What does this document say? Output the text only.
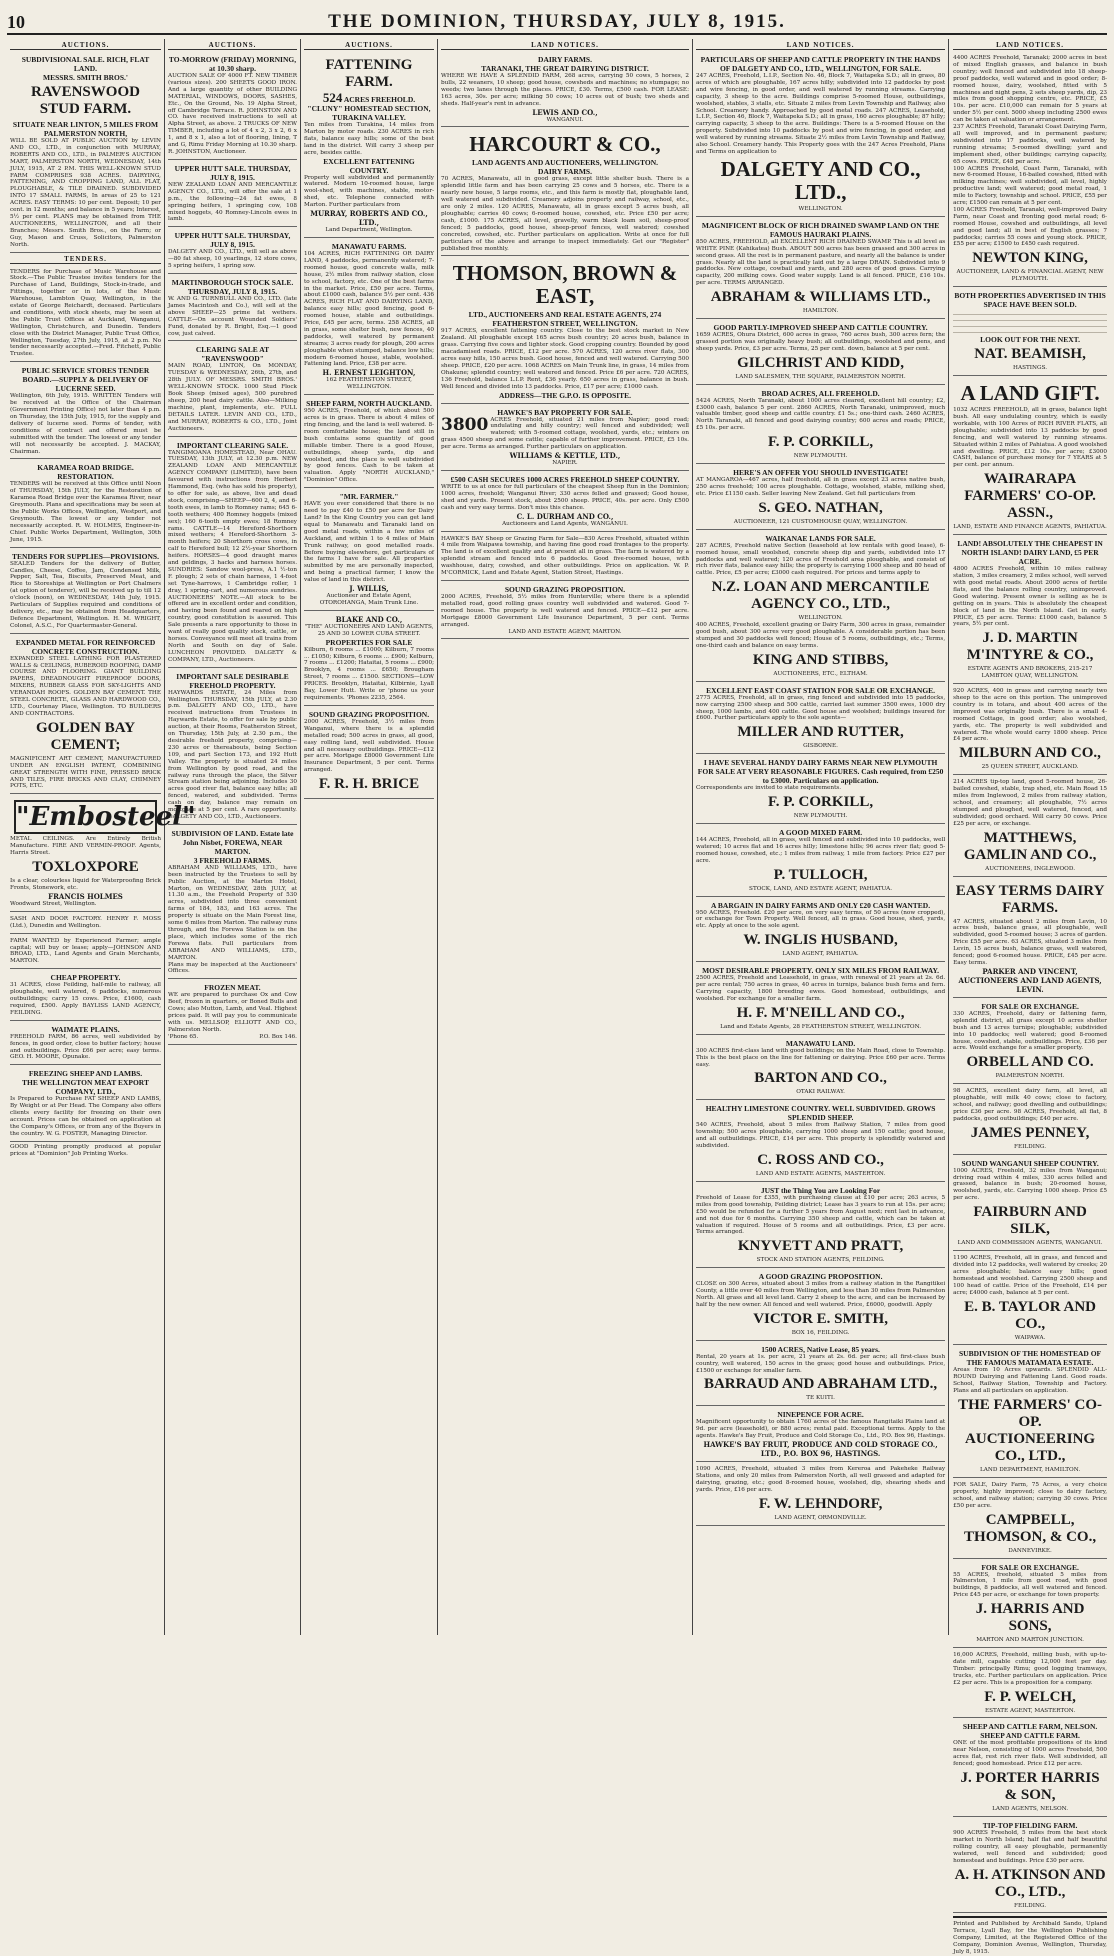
10	THE DOMINION, THURSDAY, JULY 8, 1915.
AUCTIONS.
SUBDIVISIONAL SALE. RICH, FLAT LAND.
MESSRS. SMITH BROS.'
RAVENSWOOD STUD FARM.
SITUATE NEAR LINTON, 5 MILES FROM PALMERSTON NORTH,
WILL BE SOLD AT PUBLIC AUCTION by LEVIN AND CO., LTD., in conjunction with MURRAY, ROBERTS AND CO., LTD., in PALMER'S AUCTION MART, PALMERSTON NORTH, WEDNESDAY, 14th JULY, 1915, AT 2 P.M. THIS WELL-KNOWN STUD FARM COMPRISES 938 ACRES. DAIRYING, FATTENING, AND CROPPING LAND, ALL FLAT, PLOUGHABLE, & TILE DRAINED. SUBDIVIDED INTO 17 SMALL FARMS, In areas of 25 to 121 ACRES. EASY TERMS: 10 per cent. Deposit; 10 per cent. in 12 months; and balance in 5 years; Interest, 5½ per cent. PLANS may be obtained from THE AUCTIONEERS, WELLINGTON, and all their Branches; Messrs. Smith Bros., on the Farm; or Guy, Mason and Cruss, Solicitors, Palmerston North.
TENDERS.
TENDERS for Purchase of Music Warehouse and Stock.—The Public Trustee invites tenders for the Purchase of Land, Buildings, Stock-in-trade, and Fittings, together or in lots, of the Music Warehouse, Lambton Quay, Wellington, in the estate of George Reichardt, deceased. Particulars and conditions, with stock sheets, may be seen at the Public Trust Offices at Auckland, Wanganui, Wellington, Christchurch, and Dunedin. Tenders close with the District Manager, Public Trust Office, Wellington, Tuesday, 27th July, 1915, at 2 p.m. No tender necessarily accepted.—Fred. Fitchett, Public Trustee.
PUBLIC SERVICE STORES TENDER BOARD.—SUPPLY & DELIVERY OF LUCERNE SEED.
Wellington, 6th July, 1915. WRITTEN Tenders will be received at the Office of the Chairman (Government Printing Office) not later than 4 p.m. on Thursday, the 15th July, 1915, for the supply and delivery of lucerne seed. Forms of tender, with conditions of contract and offered must be submitted with the tender. The lowest or any tender will not necessarily be accepted. J. MACKAY, Chairman.
KARAMEA ROAD BRIDGE. RESTORATION.
TENDERS will be received at this Office until Noon of THURSDAY, 15th JULY, for the Restoration of Karamea Road Bridge over the Karamea River, near Greymouth. Plans and specifications may be seen at the Public Works Offices, Wellington, Westport, and Greymouth. The lowest or any tender not necessarily accepted. R. W. HOLMES, Engineer-in-Chief. Public Works Department, Wellington, 30th June, 1915.
TENDERS FOR SUPPLIES—PROVISIONS.
SEALED Tenders for the delivery of Butter, Candles, Cheese, Coffee, Jam, Condensed Milk, Pepper, Salt, Tea, Biscuits, Preserved Meat, and Rice to Storeships at Wellington or Port Chalmers (at option of tenderer), will be received up to till 12 o'clock (noon), on WEDNESDAY, 14th July, 1915. Particulars of Supplies required and conditions of delivery, etc., may be obtained from Headquarters, Defence Department, Wellington. H. M. WRIGHT, Colonel, A.S.C., For Quartermaster-General.
EXPANDED METAL FOR REINFORCED CONCRETE CONSTRUCTION.
EXPANDED STEEL LATHING FOR PLASTERED WALLS & CEILINGS, RUBEROID ROOFING, DAMP COURSE AND FLOORING. GIANT BUILDING PAPERS, DREADNOUGHT FIREPROOF DOORS, MIXERS, RUBBER GLASS FOR SKY-LIGHTS AND VERANDAH ROOFS. GOLDEN BAY CEMENT. THE STEEL CONCRETE, GLASS AND HARDWOOD CO., LTD., Courtenay Place, Wellington. TO BUILDERS AND CONTRACTORS.
GOLDEN BAY CEMENT;
MAGNIFICENT ART CEMENT, MANUFACTURED UNDER AN ENGLISH PATENT, COMBINING GREAT STRENGTH WITH FINE, PRESSED BRICK AND TILES, FIRE BRICKS AND CLAY, CHIMNEY POTS, ETC.
"Embosteel"
METAL CEILINGS. Are Entirely British Manufacture. FIRE AND VERMIN-PROOF. Agents, Harris Street.
TOXLOXPORE
Is a clear, colourless liquid for Waterproofing Brick Fronts, Stonework, etc.
FRANCIS HOLMES
Woodward Street, Wellington.
SASH AND DOOR FACTORY. HENRY F. MOSS (Ltd.), Dunedin and Wellington.
FARM WANTED by Experienced Farmer; ample capital; will buy or lease; apply—JOHNSON AND BROAD, LTD., Land Agents and Grain Merchants, MARTON.
CHEAP PROPERTY.
31 ACRES, close Feilding, half-mile to railway, all ploughable, well watered, 6 paddocks, numerous outbuildings; carry 15 cows. Price, £1600, cash required, £500. Apply BAYLISS LAND AGENCY, FEILDING.
WAIMATE PLAINS.
FREEHOLD FARM, 86 acres, well subdivided by fences, in good order, close to butter factory; house and outbuildings. Price £66 per acre; easy terms. GEO. H. MOORE, Opunake.
FREEZING SHEEP AND LAMBS.
THE WELLINGTON MEAT EXPORT COMPANY, LTD.,
Is Prepared to Purchase FAT SHEEP AND LAMBS, By Weight or at Per Head. The Company also offers clients every facility for freezing on their own account. Prices can be obtained on application at the Company's Offices, or from any of the Buyers in the country. W. G. FOSTER, Managing Director.
GOOD Printing promptly produced at popular prices at "Dominion" Job Printing Works.
AUCTIONS.
TO-MORROW (FRIDAY) MORNING, at 10.30 sharp.
AUCTION SALE OF 4000 FT. NEW TIMBER (various sizes). 200 SHEETS GOOD IRON. And a large quantity of other BUILDING MATERIAL, WINDOWS, DOORS, SASHES, Etc., On the Ground, No. 19 Alpha Street, off Cambridge Terrace. R. JOHNSTON AND CO. have received instructions to sell at Alpha Street, as above. 2 TRUCKS OF NEW TIMBER, including a lot of 4 x 2, 3 x 2, 6 x 1, and 8 x 1, also a lot of flooring, lining, T and G, Rimu Friday Morning at 10.30 sharp. R. JOHNSTON, Auctioneer.
UPPER HUTT SALE. THURSDAY, JULY 8, 1915.
NEW ZEALAND LOAN AND MERCANTILE AGENCY CO., LTD., will offer the sale at 1 p.m., the following—24 fat ewes, 8 springing heifers, 1 springing cow, 108 mixed hoggets, 40 Romney-Lincoln ewes in lamb.
UPPER HUTT SALE. THURSDAY, JULY 8, 1915.
DALGETY AND CO., LTD., will sell as above—80 fat sheep, 10 yearlings, 12 store cows, 5 spring heifers, 1 spring sow.
MARTINBOROUGH STOCK SALE. THURSDAY, JULY 8, 1915.
W. AND G. TURNBULL AND CO., LTD. (late James Macintosh and Co.), will sell at the above SHEEP—25 prime fat wethers. CATTLE—On account Wounded Soldiers' Fund, donated by R. Bright, Esq.—1 good cow, just calved.
CLEARING SALE AT "RAVENSWOOD"
MAIN ROAD, LINTON, On MONDAY, TUESDAY & WEDNESDAY, 26th, 27th, and 28th JULY. OF MESSRS. SMITH BROS.' WELL-KNOWN STOCK. 1000 Stud Flock Book Sheep (mixed ages), 500 purebred sheep, 200 head dairy cattle. Also—Milking machine, plant, implements, etc. FULL DETAILS LATER. LEVIN AND CO., LTD., and MURRAY, ROBERTS & CO., LTD., Joint Auctioneers.
IMPORTANT CLEARING SALE.
TANGIMOANA HOMESTEAD, Near OHAU. TUESDAY, 13th JULY, at 12.30 p.m. NEW ZEALAND LOAN AND MERCANTILE AGENCY COMPANY (LIMITED), have been favoured with instructions from Herbert Hammond, Esq. (who has sold his property), to offer for sale, as above, live and dead stock, comprising—SHEEP—600 2, 4, and 6-tooth ewes, in lamb to Romney rams; 645 6-tooth wethers; 400 Romney hoggets (mixed sex); 160 6-tooth empty ewes; 18 Romney rams. CATTLE—14 Hereford-Shorthorn mixed wethers; 4 Hereford-Shorthorn 3-month heifers; 20 Shorthorn cross cows, in calf to Hereford bull; 12 2½-year Shorthorn heifers. HORSES—4 good draught mares and geldings, 3 hacks and harness horses. SUNDRIES: Sandow wool-press, A.1 ½-ton F. plough; 2 sets of chain harness, 1 4-foot set Tyne-harrows, 1 Cambridge roller, 1 dray, 1 spring-cart, and numerous sundries. AUCTIONEERS' NOTE.—All stock to be offered are in excellent order and condition, and having been found and reared on high country, good constitution is assured. This Sale presents a rare opportunity to those in want of really good quality stock, cattle, or horses. Conveyance will meet all trains from North and South on day of Sale. LUNCHEON PROVIDED. DALGETY & COMPANY, LTD., Auctioneers.
IMPORTANT SALE DESIRABLE FREEHOLD PROPERTY.
HAYWARDS ESTATE, 24 Miles from Wellington. THURSDAY, 15th JULY, at 2.30 p.m. DALGETY AND CO., LTD., have received instructions from Trustees in Haywards Estate, to offer for sale by public auction, at their Rooms, Featherston Street, on Thursday, 15th July, at 2.30 p.m., the desirable freehold property, comprising—230 acres or thereabouts, being Section 109, and part Section 173, and 192 Hutt Valley. The property is situated 24 miles from Wellington by good road, and the railway runs through the place, the Silver Stream station being adjoining. Includes 30 acres good river flat, balance easy hills; all fenced, watered, and subdivided. Terms cash on day, balance may remain on mortgage at 5 per cent. A rare opportunity. DALGETY AND CO., LTD., Auctioneers.
SUBDIVISION OF LAND. Estate late John Nisbet, FOREWA, NEAR MARTON.
3 FREEHOLD FARMS.
ABRAHAM AND WILLIAMS, LTD., have been instructed by the Trustees to sell by Public Auction, at the Marton Hotel, Marton, on WEDNESDAY, 28th JULY, at 11.30 a.m., the Freehold Property of 530 acres, subdivided into three convenient farms of 184, 183, and 163 acres. The property is situate on the Main Forest line, some 6 miles from Marton. The railway runs through, and the Forewa Station is on the place, which includes some of the rich Forewa flats. Full particulars from ABRAHAM AND WILLIAMS, LTD., MARTON.
Plans may be inspected at the Auctioneers' Offices.
FROZEN MEAT.
WE are prepared to purchase Ox and Cow Beef, frozen in quarters, or Boned Bulls and Cows; also Mutton, Lamb, and Veal. Highest prices paid. It will pay you to communicate with us. MELLSOP, ELLIOTT AND CO., Palmerston North.
'Phone 65.	P.O. Box 146.
AUCTIONS.
FATTENING FARM.
524 ACRES FREEHOLD.
"CLUNY" HOMESTEAD SECTION, TURAKINA VALLEY.
Ten miles from Turakina, 14 miles from Marton by motor roads. 230 ACRES in rich flats, balance easy hills; some of the best land in the district. Will carry 3 sheep per acre, besides cattle.
EXCELLENT FATTENING COUNTRY.
Property well subdivided and permanently watered. Modern 10-roomed house, large wool-shed, with machines, stable, motor-shed, etc. Telephone connected with Marton. Further particulars from
MURRAY, ROBERTS AND CO., LTD.,
Land Department, Wellington.
MANAWATU FARMS.
104 ACRES, RICH FATTENING OR DAIRY LAND, 4 paddocks, permanently watered; 7-roomed house, good concrete walls, milk house, 2½ miles from railway station, close to school, factory, etc. One of the best farms in the market. Price, £50 per acre. Terms, about £1000 cash, balance 5½ per cent. 436 ACRES, RICH FLAT AND DAIRYING LAND, balance easy hills; good fencing, good 6-roomed house, stable and outbuildings. Price, £45 per acre, terms. 258 ACRES, all in grass, some shelter bush, new fences, 40 paddocks, well watered by permanent streams; 3 acres ready for plough, 200 acres ploughable when stumped, balance low hills; modern 6-roomed house, stable, woolshed. Fattening land. Price, £38 per acre.
H. ERNEST LEIGHTON,
162 FEATHERSTON STREET, WELLINGTON.
SHEEP FARM, NORTH AUCKLAND.
950 ACRES, Freehold, of which about 500 acres is in grass. There is about 4 miles of ring fencing, and the land is well watered. 8-room comfortable house; the land still in bush contains some quantity of good millable timber. There is a good House, outbuildings, sheep yards, dip and woolshed, and the place is well subdivided by good fences. Cash to be taken at valuation. Apply "NORTH AUCKLAND," "Dominion" Office.
"MR. FARMER."
HAVE you ever considered that there is no need to pay £40 to £50 per acre for Dairy Land? In the King Country you can get land equal to Manawatu and Taranaki land on good metal roads, within a few miles of Auckland, and within 1 to 4 miles of Main Trunk railway, on good metalled roads. Before buying elsewhere, get particulars of the farms I have for sale. All properties submitted by me are personally inspected, and being a practical farmer, I know the value of land in this district.
J. WILLIS,
Auctioneer and Estate Agent, OTOROHANGA, Main Trunk Line.
BLAKE AND CO.,
"THE" AUCTIONEERS AND LAND AGENTS, 25 AND 30 LOWER CUBA STREET.
PROPERTIES FOR SALE
Kilburn, 6 rooms ... £1000; Kilburn, 7 rooms ... £1050; Kilburn, 6 rooms ... £900; Kelburn, 7 rooms ... £1200; Hataitai, 5 rooms ... £900; Brooklyn, 4 rooms ... £650; Brougham Street, 7 rooms ... £1500. SECTIONS—LOW PRICES. Brooklyn, Hataitai, Kilbirnie, Lyall Bay, Lower Hutt. Write or 'phone us your requirements. 'Phones 2235, 2564.
SOUND GRAZING PROPOSITION.
2000 ACRES, Freehold, 3½ miles from Wanganui, where there is a splendid metalled road; 500 acres in grass, all good, easy rolling land, well subdivided. House and all necessary outbuildings. PRICE—£12 per acre. Mortgage £8000 Government Life Insurance Department, 5 per cent. Terms arranged.
F. R. H. BRICE
LAND NOTICES.
DAIRY FARMS.
TARANAKI, THE GREAT DAIRYING DISTRICT.
WHERE WE HAVE A SPLENDID FARM, 268 acres, carrying 50 cows, 5 horses, 2 bulls, 22 weaners, 10 sheep; good house, cowsheds and machines; no stumpage; no weeds; two lanes through the places. PRICE, £30. Terms, £500 cash. FOR LEASE: 163 acres, 30s. per acre; milking 50 cows; 10 acres out of bush; two sheds and sheds. Half-year's rent in advance.
LEWIS AND CO.,
WANGANUI.
HARCOURT & CO.,
LAND AGENTS AND AUCTIONEERS, WELLINGTON.
DAIRY FARMS.
70 ACRES, Manawatu, all in good grass, except little shelter bush. There is a splendid little farm and has been carrying 25 cows and 5 horses, etc. There is a nearly new house, 5 large rooms, etc., and this farm is mostly flat, ploughable land, well watered and subdivided. Creamery adjoins property and railway, school, etc., are only 2 miles. 120 ACRES, Manawatu, all in grass except 5 acres bush, all ploughable; carries 40 cows; 6-roomed house, cowshed, etc. Price £50 per acre; cash, £1000. 175 ACRES, all level, gravelly, warm black loam soil, sheep-proof fenced; 5 paddocks, good house, sheep-proof fences, well watered; cowshed concreted, cowshed, etc. Further particulars on application. Write at once for full particulars of the above and arrange to inspect immediately. Get our "Register" published free monthly.
THOMSON, BROWN & EAST,
LTD., AUCTIONEERS AND REAL ESTATE AGENTS, 274 FEATHERSTON STREET, WELLINGTON.
917 ACRES, excellent fattening country. Close to the best stock market in New Zealand. All ploughable except 165 acres bush country; 20 acres bush, balance in grass. Carrying five cows and lighter stock. Good cropping country. Bounded by good macadamised roads. PRICE, £12 per acre. 570 ACRES, 120 acres river flats, 300 acres easy hills, 150 acres bush. Good house, fenced and well watered. Carrying 500 sheep. PRICE, £20 per acre. 1068 ACRES on Main Trunk line, in grass, 14 miles from Ohakune; splendid country; well watered and fenced. Price £6 per acre. 720 ACRES, 136 Freehold, balance L.I.P. Rent, £36 yearly. 650 acres in grass, balance in bush. Well fenced and divided into 13 paddocks. Price, £17 per acre; £1000 cash.
ADDRESS—THE G.P.O. IS OPPOSITE.
HAWKE'S BAY PROPERTY FOR SALE.
3800 ACRES Freehold, situated 21 miles from Napier; good road; undulating and hilly country; well fenced and subdivided; well watered; with 5-roomed cottage, woolshed, yards, etc.; winters on grass 4500 sheep and some cattle; capable of further improvement. PRICE, £5 10s. per acre. Terms as arranged. Further particulars on application.
WILLIAMS & KETTLE, LTD.,
NAPIER.
£500 CASH SECURES 1000 ACRES FREEHOLD SHEEP COUNTRY.
WRITE to us at once for full particulars of the cheapest Sheep Run in the Dominion; 1000 acres, freehold; Wanganui River; 330 acres felled and grassed; Good house, shed and yards. Present stock, about 2500 sheep. PRICE, 40s. per acre. Only £500 cash and very easy terms. Don't miss this chance.
C. L. DURHAM AND CO.,
Auctioneers and Land Agents, WANGANUI.
HAWKE'S BAY Sheep or Grazing Farm for Sale—830 Acres Freehold, situated within 4 mile from Waipawa township, and having fine good road frontages to the property. The land is of excellent quality and at present all in grass. The farm is watered by a splendid stream and fenced into 6 paddocks. Good five-roomed house, with washhouse, dairy, cowshed, and other outbuildings. Price on application. W. P. M'CORMICK, Land and Estate Agent, Station Street, Hastings.
SOUND GRAZING PROPOSITION.
2000 ACRES, Freehold, 5½ miles from Hunterville; where there is a splendid metalled road, good rolling grass country well subdivided and watered. Good 7-roomed house. The property is well watered and fenced. PRICE—£12 per acre. Mortgage £8000 Government Life Insurance Department, 5 per cent. Terms arranged.
LAND AND ESTATE AGENT, MARTON.
LAND NOTICES.
PARTICULARS OF SHEEP AND CATTLE PROPERTY IN THE HANDS OF DALGETY AND CO., LTD., WELLINGTON, FOR SALE.
247 ACRES, Freehold, L.I.P., Section No. 46, Block 7, Waitapeka S.D.; all in grass, 80 acres of which are ploughable, 167 acres hilly; subdivided into 12 paddocks by post and wire fencing, in good order, and well watered by running streams. Carrying capacity, 3 sheep to the acre. Buildings comprise 5-roomed House, outbuildings, woolshed, stables, 3 stalls, etc. Situate 2 miles from Levin Township and Railway, also School. Creamery handy. Approached by good metal roads. 247 ACRES, Leasehold, L.I.P., Section 46, Block 7, Waitapeka S.D.; all in grass, 160 acres ploughable; 87 hilly; carrying capacity, 3 sheep to the acre. Buildings: There is a 5-roomed House on the property. Subdivided into 10 paddocks by post and wire fencing, in good order, and well watered by running streams. Situate 2½ miles from Levin Township and Railway, also School. Creamery handy. This Property goes with the 247 Acres Freehold, Plans and Terms on application to
DALGETY AND CO., LTD.,
WELLINGTON.
MAGNIFICENT BLOCK OF RICH DRAINED SWAMP LAND ON THE FAMOUS HAURAKI PLAINS.
850 ACRES, FREEHOLD, all EXCELLENT RICH DRAINED SWAMP. This is all level as WHITE PINE (Kahikatea) Bush. ABOUT 500 acres has been grassed and 300 acres in second grass. All the rest is in permanent pasture, and nearly all the balance is under grass. Nearly all the land is practically laid out by a large DRAIN. Subdivided into 9 paddocks. New cottage, cowbail and yards, and 280 acres of good grass. Carrying capacity, 200 milking cows. Good water supply. Land is all fenced. PRICE, £16 10s. per acre. TERMS ARRANGED.
ABRAHAM & WILLIAMS LTD.,
HAMILTON.
GOOD PARTLY-IMPROVED SHEEP AND CATTLE COUNTRY.
1659 ACRES, Ohura District, 600 acres in grass, 760 acres bush, 300 acres fern; the grassed portion was originally heavy bush; all outbuildings, woolshed and pens, and sheep yards. Price, £3 per acre. Terms, 25 per cent. down, balance at 5 per cent.
GILCHRIST AND KIDD,
LAND SALESMEN, THE SQUARE, PALMERSTON NORTH.
BROAD ACRES, ALL FREEHOLD.
5424 ACRES, North Taranaki, about 1000 acres cleared, excellent hill country; £2, £3000 cash, balance 5 per cent. 2860 ACRES, North Taranaki, unimproved, much valuable timber, good sheep and cattle country. £1 5s.; one-third cash. 2460 ACRES, North Taranaki, all fenced and good dairying country; 600 acres and roads; PRICE, £5 10s. per acre.
F. P. CORKILL,
NEW PLYMOUTH.
HERE'S AN OFFER YOU SHOULD INVESTIGATE!
AT MANGAROA—467 acres, half freehold, all in grass except 23 acres native bush, 250 acres freehold; 100 acres ploughable. Cottage, woolshed, stable, milking shed, etc. Price £1150 cash. Seller leaving New Zealand. Get full particulars from
S. GEO. NATHAN,
AUCTIONEER, 121 CUSTOMHOUSE QUAY, WELLINGTON.
WAIKANAE LANDS FOR SALE.
287 ACRES, Freehold native Section (leasehold at low rentals with good lease), 6-roomed house, small woolshed, concrete sheep dip and yards, subdivided into 17 paddocks and well watered; 120 acres of Freehold area ploughable, and consist of rich river flats, balance easy hills; the property is carrying 1000 sheep and 80 head of cattle. Price, £5 per acre; £3000 cash required. For prices and terms apply to
N.Z. LOAN AND MERCANTILE AGENCY CO., LTD.,
WELLINGTON.
400 ACRES, Freehold, excellent grazing or Dairy Farm, 300 acres in grass, remainder good bush, about 300 acres very good ploughable. A considerable portion has been stumped and 30 paddocks well fenced; House of 5 rooms, outbuildings, etc.; Terms, one-third cash and balance on easy terms.
KING AND STIBBS,
AUCTIONEERS, ETC., ELTHAM.
EXCELLENT EAST COAST STATION FOR SALE OR EXCHANGE.
2775 ACRES, Freehold, all in grass, ring fenced and subdivided into 15 paddocks, now carrying 2500 sheep and 500 cattle, carried last summer 3500 ewes, 1000 dry sheep, 1000 lambs, and 400 cattle. Good house and woolshed; buildings insured for £600. Further particulars apply to the sole agents—
MILLER AND RUTTER,
GISBORNE.
I HAVE SEVERAL HANDY DAIRY FARMS NEAR NEW PLYMOUTH FOR SALE AT VERY REASONABLE FIGURES. Cash required, from £250 to £3000. Particulars on application.
Correspondents are invited to state requirements.
F. P. CORKILL,
NEW PLYMOUTH.
A GOOD MIXED FARM.
144 ACRES, Freehold, all in grass, well fenced and subdivided into 10 paddocks, well watered; 10 acres flat and 16 acres hilly; limestone hills; 96 acres river flat; good 5-roomed house, cowshed, etc.; 1 miles from railway, 1 mile from factory. Price £27 per acre.
P. TULLOCH,
STOCK, LAND, AND ESTATE AGENT, PAHIATUA.
A BARGAIN IN DAIRY FARMS AND ONLY £20 CASH WANTED.
950 ACRES, Freehold. £20 per acre, on very easy terms, of 50 acres (now cropped), or exchange for Town Property. Well fenced, all in grass. Good house, shed, yards, etc. Apply at once to the sole agent.
W. INGLIS HUSBAND,
LAND AGENT, PAHIATUA.
MOST DESIRABLE PROPERTY. ONLY SIX MILES FROM RAILWAY.
2500 ACRES, Freehold and Leasehold, in grass, with renewal of 21 years at 2s. 6d. per acre rental; 750 acres in grass, 40 acres in turnips, balance bush ferns and fern. Carrying capacity, 1800 breeding ewes. Good homestead, outbuildings, and woolshed. For exchange for a smaller farm.
H. F. M'NEILL AND CO.,
Land and Estate Agents, 28 FEATHERSTON STREET, WELLINGTON.
MANAWATU LAND.
300 ACRES first-class land with good buildings; on the Main Road, close to Township. This is the best place on the line for fattening or dairying. Price £60 per acre. Terms easy.
BARTON AND CO.,
OTAKI RAILWAY.
HEALTHY LIMESTONE COUNTRY. WELL SUBDIVIDED. GROWS SPLENDID SHEEP.
540 ACRES, Freehold, about 5 miles from Railway Station, 7 miles from good township; 500 acres ploughable, carrying 1000 sheep and 150 cattle; good house, and all outbuildings. PRICE, £14 per acre. This property is splendidly watered and subdivided.
C. ROSS AND CO.,
LAND AND ESTATE AGENTS, MASTERTON.
JUST the Thing You are Looking For
Freehold of Lease for £355, with purchasing clause at £10 per acre; 263 acres, 5 miles from good township, Feilding district; Lease has 3 years to run at 15s. per acre; £50 would be refunded for a further 5 years from August next; rent last in advance, and not due for 6 months. Carrying 350 sheep and cattle, which can be taken at valuation if required. House of 5 rooms and all outbuildings. Price, £3 per acre. Terms arranged.
KNYVETT AND PRATT,
STOCK AND STATION AGENTS, FEILDING.
A GOOD GRAZING PROPOSITION.
CLOSE on 300 Acres, situated about 3 miles from a railway station in the Rangitikei County, a little over 40 miles from Wellington, and less than 30 miles from Palmerston North. All grass and all level land. Carry 2 sheep to the acre, and can be increased by half by the new owner. All fenced and well watered. Price, £6000, goodwill. Apply
VICTOR E. SMITH,
BOX 16, FEILDING.
1500 ACRES, Native Lease, 85 years.
Rental, 20 years at 1s. per acre, 21 years at 2s. 6d. per acre; all first-class bush country, well watered, 150 acres in the grass; good house and outbuildings. Price, £1500 or exchange for smaller farm.
BARRAUD AND ABRAHAM LTD.,
TE KUITI.
NINEPENCE FOR ACRE.
Magnificent opportunity to obtain 1760 acres of the famous Rangitaiki Plains land at 9d. per acre (leasehold), or 880 acres; rental paid. Exceptional terms. Apply to the agents. Hawke's Bay Fruit, Produce and Cold Storage Co., Ltd., P.O. Box 96, Hastings.
HAWKE'S BAY FRUIT, PRODUCE AND COLD STORAGE CO., LTD., P.O. BOX 96, HASTINGS.
1090 ACRES, Freehold, situated 3 miles from Kereroa and Pakeheke Railway Stations, and only 20 miles from Palmerston North, all well grassed and adapted for dairying, grazing, etc.; good 8-roomed house, woolshed, dip, shearing sheds and yards. Price, £16 per acre.
F. W. LEHNDORF,
LAND AGENT, ORMONDVILLE.
LAND NOTICES.
4400 ACRES Freehold, Taranaki; 2000 acres in best of mixed English grasses, and balance in bush country; well fenced and subdivided into 18 sheep-proof paddocks, well watered and in good order; 8-roomed house, dairy, woolshed, fitted with 5 machines and night pens, 2 sets sheep yards, dip, 23 miles from good shopping centre, etc. PRICE, £5 10s. per acre. £10,000 can remain for 5 years at under 5½ per cent. 5000 sheep including 2500 ewes can be taken at valuation or arrangement.
237 ACRES Freehold, Taranaki Coast Dairying Farm, all well improved, and in permanent pasture; subdivided into 17 paddocks, well watered by running streams; 5-roomed dwelling; yard and implement shed, other buildings; carrying capacity, 65 cows. PRICE, £48 per acre.
100 ACRES Freehold, Coast Farm, Taranaki, with new 6-roomed House, 16-bailed cowshed, fitted with milking machines; well subdivided, all level, highly productive land; well watered; good metal road, 1 mile to Factory, township and school. PRICE, £55 per acre; £1500 can remain at 5 per cent.
100 ACRES Freehold, Taranaki, well-improved Dairy Farm, near Coast and fronting good metal road; 6-roomed House, cowshed and outbuildings, all level and good land; all in best of English grasses; 7 paddocks; carries 55 cows and young stock. PRICE, £55 per acre; £1500 to £450 cash required.
NEWTON KING,
AUCTIONEER, LAND & FINANCIAL AGENT, NEW PLYMOUTH.
BOTH PROPERTIES ADVERTISED IN THIS SPACE HAVE BEEN SOLD.
LOOK OUT FOR THE NEXT.
NAT. BEAMISH,
HASTINGS.
A LAND GIFT.
1032 ACRES FREEHOLD, all in grass, balance light bush. All easy undulating country, which is easily workable, with 100 Acres of RICH RIVER FLATS, all ploughable; subdivided into 13 paddocks by good fencing, and well watered by running streams. Situated within 2 miles of Pahiatua. A good woolshed and dwelling. PRICE, £12 10s. per acre; £3000 CASH, balance of purchase money for 7 YEARS at 5 per cent. per annum.
WAIRARAPA FARMERS' CO-OP. ASSN.,
LAND, ESTATE AND FINANCE AGENTS, PAHIATUA.
LAND! ABSOLUTELY THE CHEAPEST IN NORTH ISLAND! DAIRY LAND, £5 PER ACRE.
4800 ACRES Freehold, within 10 miles railway station, 3 miles creamery, 2 miles school, well served with good metal roads. About 2000 acres of fertile flats, and the balance rolling country, unimproved. Good watering. Present owner is selling as he is getting on in years. This is absolutely the cheapest block of land in the North Island. Get in early. PRICE, £5 per acre. Terms: £1000 cash, balance 5 years, 5½ per cent.
J. D. MARTIN M'INTYRE & CO.,
ESTATE AGENTS AND BROKERS, 215-217 LAMBTON QUAY, WELLINGTON.
920 ACRES, 400 in grass and carrying nearly two sheep to the acre on this portion. The unimproved country is in totara, and about 400 acres of the improved was originally bush. There is a small 4-roomed Cottage, in good order; also woolshed, yards, etc. The property is well subdivided and watered. The whole would carry 1800 sheep. Price £4 per acre.
MILBURN AND CO.,
25 QUEEN STREET, AUCKLAND.
214 ACRES tip-top land, good 5-roomed house, 26-bailed cowshed, stable, trap shed, etc. Main Road 15 miles from Inglewood, 2 miles from railway station, school, and creamery; all ploughable, 7½ acres stumped and ploughed, well watered, fenced, and subdivided; good orchard. Will carry 50 cows. Price £25 per acre, or exchange.
MATTHEWS, GAMLIN AND CO.,
AUCTIONEERS, INGLEWOOD.
EASY TERMS DAIRY FARMS.
47 ACRES, situated about 2 miles from Levin, 10 acres bush, balance grass, all ploughable, well subdivided, good 5-roomed house; 3 acres of garden. Price £55 per acre. 63 ACRES, situated 3 miles from Levin, 15 acres bush, balance grass, well watered, fenced; good 6-roomed house. PRICE, £45 per acre. Easy terms.
PARKER AND VINCENT, AUCTIONEERS AND LAND AGENTS, LEVIN.
FOR SALE OR EXCHANGE.
330 ACRES, Freehold, dairy or fattening farm, splendid district, all grass except 10 acres shelter bush and 13 acres turnips; ploughable; subdivided into 10 paddocks; well watered; good 8-roomed house, cowshed, stable, outbuildings. Price, £36 per acre. Would exchange for a smaller property.
ORBELL AND CO.
PALMERSTON NORTH.
98 ACRES, excellent dairy farm, all level, all ploughable, will milk 40 cows; close to factory, school, and railway; good dwelling and outbuildings; price £36 per acre. 98 ACRES, Freehold, all flat, 8 paddocks, good outbuildings; £40 per acre.
JAMES PENNEY,
FEILDING.
SOUND WANGANUI SHEEP COUNTRY.
1000 ACRES, Freehold, 32 miles from Wanganui; driving road within 4 miles, 330 acres felled and grassed, balance in bush; 20-roomed house, woolshed, yards, etc. Carrying 1000 sheep. Price £5 per acre.
FAIRBURN AND SILK,
LAND AND COMMISSION AGENTS, WANGANUI.
1190 ACRES, Freehold, all in grass, and fenced and divided into 12 paddocks, well watered by creeks; 20 acres ploughable; balance easy hills; good homestead and woolshed. Carrying 2500 sheep and 100 head of cattle. Price of the Freehold, £14 per acre; £4000 cash, balance at 5 per cent.
E. B. TAYLOR AND CO.,
WAIPAWA.
SUBDIVISION OF THE HOMESTEAD OF THE FAMOUS MATAMATA ESTATE.
Areas from 10 Acres upwards. SPLENDID ALL-ROUND Dairying and Fattening Land. Good roads. School, Railway Station, Township and Factory. Plans and all particulars on application.
THE FARMERS' CO-OP. AUCTIONEERING CO., LTD.,
LAND DEPARTMENT, HAMILTON.
FOR SALE, Dairy Farm, 75 Acres, a very choice property, highly improved; close to dairy factory, school, and railway station; carrying 30 cows. Price £50 per acre.
CAMPBELL, THOMSON, & CO.,
DANNEVIRKE.
FOR SALE OR EXCHANGE.
55 ACRES, freehold, situated 5 miles from Palmerston, 1 mile from good road, with good buildings, 8 paddocks, all well watered and fenced. Price £45 per acre, or exchange for town property.
J. HARRIS AND SONS,
MARTON AND MARTON JUNCTION.
16,000 ACRES, Freehold, milling bush, with up-to-date mill, capable cutting 12,000 feet per day. Timber: principally Rimu; good logging tramways, trucks, etc. Further particulars on application. Price £2 per acre. This is a proposition for a company.
F. P. WELCH,
ESTATE AGENT, MASTERTON.
SHEEP AND CATTLE FARM, NELSON. SHEEP AND CATTLE FARM.
ONE of the most profitable propositions of its kind near Nelson, consisting of 1000 acres Freehold, 500 acres flat, rest rich river flats. Well subdivided, all fenced; good homestead. Price £12 per acre.
J. PORTER HARRIS & SON,
LAND AGENTS, NELSON.
TIP-TOP FIELDING FARM.
900 ACRES Freehold, 5 miles from the best stock market in North Island; half flat and half beautiful rolling country, all easy ploughable, permanently watered, well fenced and subdivided; good homestead and buildings. Price £30 per acre.
A. H. ATKINSON AND CO., LTD.,
FEILDING.
Printed and Published by Archibald Sando, Upland Terrace, Lyall Bay, for the Wellington Publishing Company, Limited, at the Registered Office of the Company, Dominion Avenue, Wellington, Thursday, July 8, 1915.
